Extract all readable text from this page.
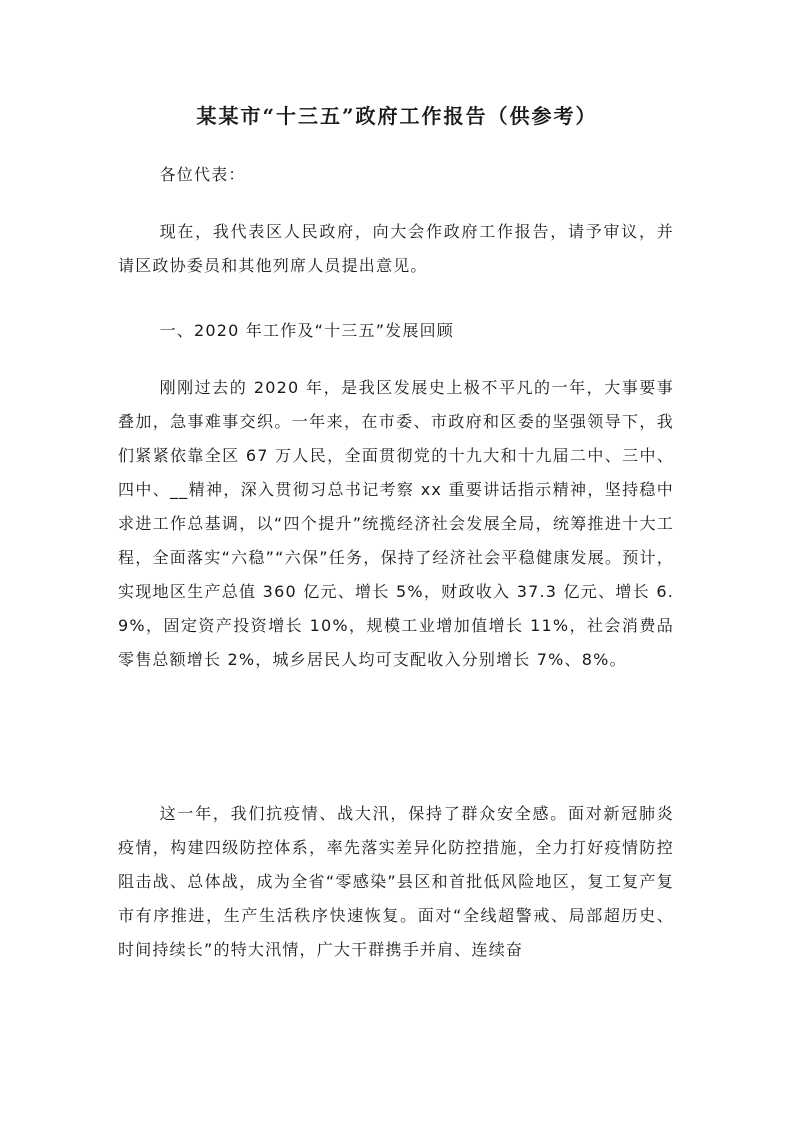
某某市“十三五”政府工作报告（供参考）
各位代表：
现在，我代表区人民政府，向大会作政府工作报告，请予审议，并请区政协委员和其他列席人员提出意见。
一、2020 年工作及“十三五”发展回顾
刚刚过去的 2020 年，是我区发展史上极不平凡的一年，大事要事叠加，急事难事交织。一年来，在市委、市政府和区委的坚强领导下，我们紧紧依靠全区 67 万人民，全面贯彻党的十九大和十九届二中、三中、四中、__精神，深入贯彻习总书记考察 xx 重要讲话指示精神，坚持稳中求进工作总基调，以“四个提升”统揽经济社会发展全局，统筹推进十大工程，全面落实“六稳”“六保”任务，保持了经济社会平稳健康发展。预计，实现地区生产总值 360 亿元、增长 5%，财政收入 37.3 亿元、增长 6.9%，固定资产投资增长 10%，规模工业增加值增长 11%，社会消费品零售总额增长 2%，城乡居民人均可支配收入分别增长 7%、8%。
这一年，我们抗疫情、战大汛，保持了群众安全感。面对新冠肺炎疫情，构建四级防控体系，率先落实差异化防控措施，全力打好疫情防控阻击战、总体战，成为全省“零感染”县区和首批低风险地区，复工复产复市有序推进，生产生活秩序快速恢复。面对“全线超警戒、局部超历史、时间持续长”的特大汛情，广大干群携手并肩、连续奋
